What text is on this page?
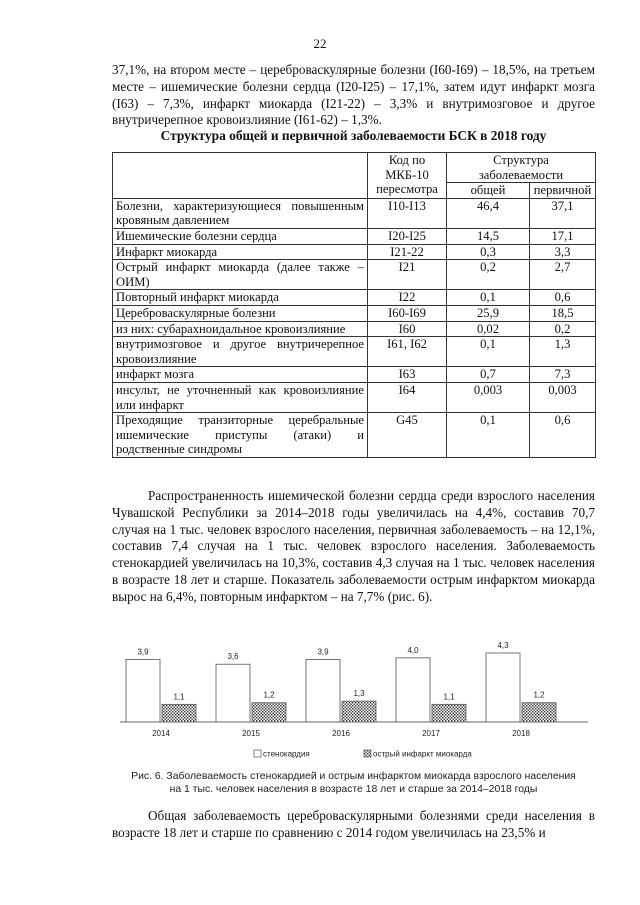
22
37,1%, на втором месте – цереброваскулярные болезни (I60-I69) – 18,5%, на третьем месте – ишемические болезни сердца (I20-I25) – 17,1%, затем идут инфаркт мозга (I63) – 7,3%, инфаркт миокарда (I21-22) – 3,3% и внутримозговое и другое внутричерепное кровоизлияние (I61-62) – 1,3%.
Структура общей и первичной заболеваемости БСК в 2018 году
	Код по МКБ-10 пересмотра	Структура заболеваемости	
		общей	первичной
Болезни, характеризующиеся повышенным кровяным давлением	I10-I13	46,4	37,1
Ишемические болезни сердца	I20-I25	14,5	17,1
Инфаркт миокарда	I21-22	0,3	3,3
Острый инфаркт миокарда (далее также – ОИМ)	I21	0,2	2,7
Повторный инфаркт миокарда	I22	0,1	0,6
Цереброваскулярные болезни	I60-I69	25,9	18,5
из них: субарахноидальное кровоизлияние	I60	0,02	0,2
внутримозговое и другое внутричерепное кровоизлияние	I61, I62	0,1	1,3
инфаркт мозга	I63	0,7	7,3
инсульт, не уточненный как кровоизлияние или инфаркт	I64	0,003	0,003
Преходящие транзиторные церебральные ишемические приступы (атаки) и родственные синдромы	G45	0,1	0,6
Распространенность ишемической болезни сердца среди взрослого населения Чувашской Республики за 2014–2018 годы увеличилась на 4,4%, составив 70,7 случая на 1 тыс. человек взрослого населения, первичная заболеваемость – на 12,1%, составив 7,4 случая на 1 тыс. человек взрослого населения. Заболеваемость стенокардией увеличилась на 10,3%, составив 4,3 случая на 1 тыс. человек населения в возрасте 18 лет и старше. Показатель заболеваемости острым инфарктом миокарда вырос на 6,4%, повторным инфарктом – на 7,7% (рис. 6).
3,9
1,1
3,6
1,2
3,9
1,3
4,0
1,1
4,3
1,2
2014	2015	2016	2017	2018
стенокардия	острый инфаркт миокарда
Рис. 6. Заболеваемость стенокардией и острым инфарктом миокарда взрослого населения
на 1 тыс. человек населения в возрасте 18 лет и старше за 2014–2018 годы
Общая заболеваемость цереброваскулярными болезнями среди населения в возрасте 18 лет и старше по сравнению с 2014 годом увеличилась на 23,5% и
